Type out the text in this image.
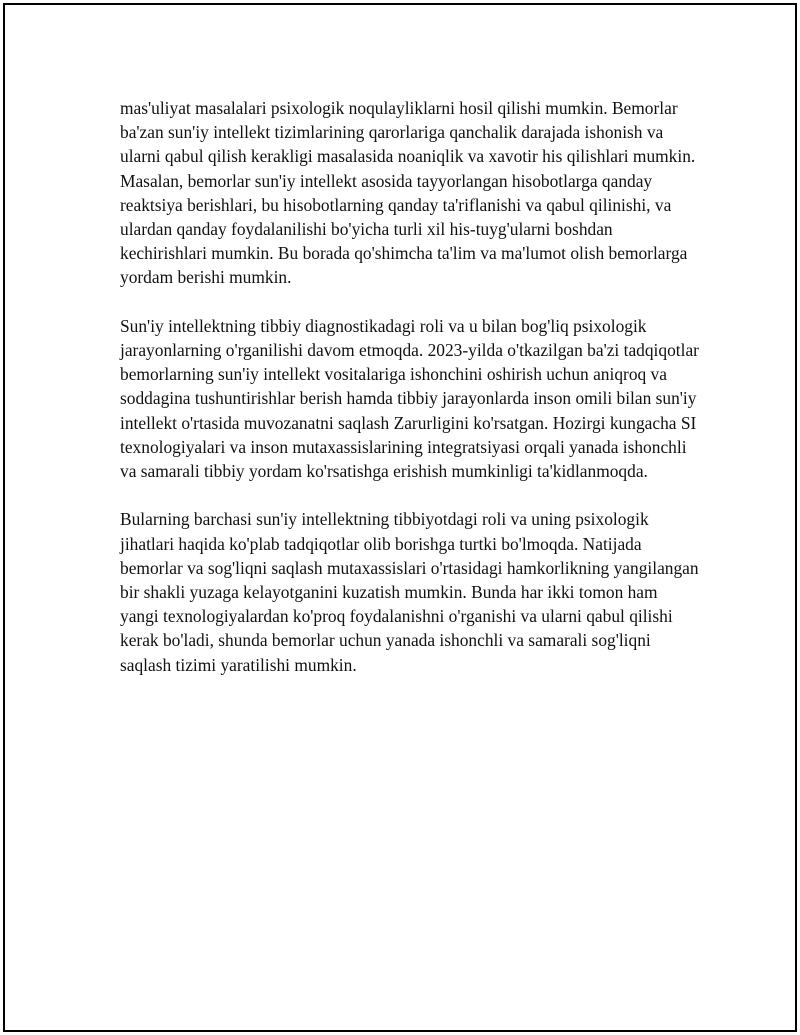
mas'uliyat masalalari psixologik noqulayliklarni hosil qilishi mumkin. Bemorlar ba'zan sun'iy intellekt tizimlarining qarorlariga qanchalik darajada ishonish va ularni qabul qilish kerakligi masalasida noaniqlik va xavotir his qilishlari mumkin. Masalan, bemorlar sun'iy intellekt asosida tayyorlangan hisobotlarga qanday reaktsiya berishlari, bu hisobotlarning qanday ta'riflanishi va qabul qilinishi, va ulardan qanday foydalanilishi bo'yicha turli xil his-tuyg'ularni boshdan kechirishlari mumkin. Bu borada qo'shimcha ta'lim va ma'lumot olish bemorlarga yordam berishi mumkin.

Sun'iy intellektning tibbiy diagnostikadagi roli va u bilan bog'liq psixologik jarayonlarning o'rganilishi davom etmoqda. 2023-yilda o'tkazilgan ba'zi tadqiqotlar bemorlarning sun'iy intellekt vositalariga ishonchini oshirish uchun aniqroq va soddagina tushuntirishlar berish hamda tibbiy jarayonlarda inson omili bilan sun'iy intellekt o'rtasida muvozanatni saqlash Zarurligini ko'rsatgan. Hozirgi kungacha SI texnologiyalari va inson mutaxassislarining integratsiyasi orqali yanada ishonchli va samarali tibbiy yordam ko'rsatishga erishish mumkinligi ta'kidlanmoqda.

Bularning barchasi sun'iy intellektning tibbiyotdagi roli va uning psixologik jihatlari haqida ko'plab tadqiqotlar olib borishga turtki bo'lmoqda. Natijada bemorlar va sog'liqni saqlash mutaxassislari o'rtasidagi hamkorlikning yangilangan bir shakli yuzaga kelayotganini kuzatish mumkin. Bunda har ikki tomon ham yangi texnologiyalardan ko'proq foydalanishni o'rganishi va ularni qabul qilishi kerak bo'ladi, shunda bemorlar uchun yanada ishonchli va samarali sog'liqni saqlash tizimi yaratilishi mumkin.
